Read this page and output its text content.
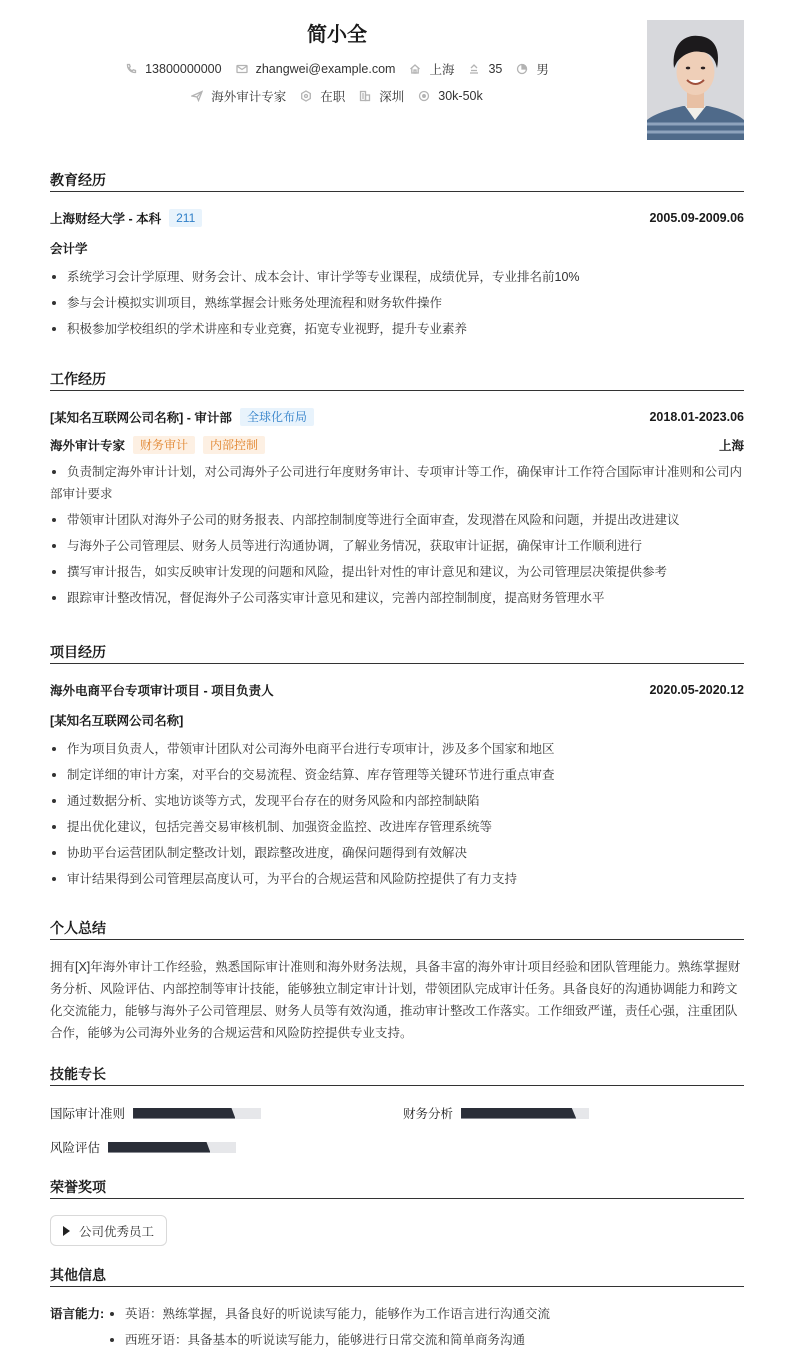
简小全
13800000000	zhangwei@example.com	上海	35	男
海外审计专家	在职	深圳	30k-50k
教育经历
上海财经大学 - 本科	211	2005.09-2009.06
会计学
系统学习会计学原理、财务会计、成本会计、审计学等专业课程，成绩优异，专业排名前10%
参与会计模拟实训项目，熟练掌握会计账务处理流程和财务软件操作
积极参加学校组织的学术讲座和专业竞赛，拓宽专业视野，提升专业素养
工作经历
[某知名互联网公司名称] - 审计部	全球化布局	2018.01-2023.06
海外审计专家	财务审计	内部控制	上海
负责制定海外审计计划，对公司海外子公司进行年度财务审计、专项审计等工作，确保审计工作符合国际审计准则和公司内部审计要求
带领审计团队对海外子公司的财务报表、内部控制制度等进行全面审查，发现潜在风险和问题，并提出改进建议
与海外子公司管理层、财务人员等进行沟通协调，了解业务情况，获取审计证据，确保审计工作顺利进行
撰写审计报告，如实反映审计发现的问题和风险，提出针对性的审计意见和建议，为公司管理层决策提供参考
跟踪审计整改情况，督促海外子公司落实审计意见和建议，完善内部控制制度，提高财务管理水平
项目经历
海外电商平台专项审计项目 - 项目负责人	2020.05-2020.12
[某知名互联网公司名称]
作为项目负责人，带领审计团队对公司海外电商平台进行专项审计，涉及多个国家和地区
制定详细的审计方案，对平台的交易流程、资金结算、库存管理等关键环节进行重点审查
通过数据分析、实地访谈等方式，发现平台存在的财务风险和内部控制缺陷
提出优化建议，包括完善交易审核机制、加强资金监控、改进库存管理系统等
协助平台运营团队制定整改计划，跟踪整改进度，确保问题得到有效解决
审计结果得到公司管理层高度认可，为平台的合规运营和风险防控提供了有力支持
个人总结

拥有[X]年海外审计工作经验，熟悉国际审计准则和海外财务法规，具备丰富的海外审计项目经验和团队管理能力。熟练掌握财务分析、风险评估、内部控制等审计技能，能够独立制定审计计划，带领团队完成审计任务。具备良好的沟通协调能力和跨文化交流能力，能够与海外子公司管理层、财务人员等有效沟通，推动审计整改工作落实。工作细致严谨，责任心强，注重团队合作，能够为公司海外业务的合规运营和风险防控提供专业支持。

技能专长
国际审计准则	财务分析
风险评估
荣誉奖项
公司优秀员工
其他信息
语言能力:	英语：熟练掌握，具备良好的听说读写能力，能够作为工作语言进行沟通交流
西班牙语：具备基本的听说读写能力，能够进行日常交流和简单商务沟通
